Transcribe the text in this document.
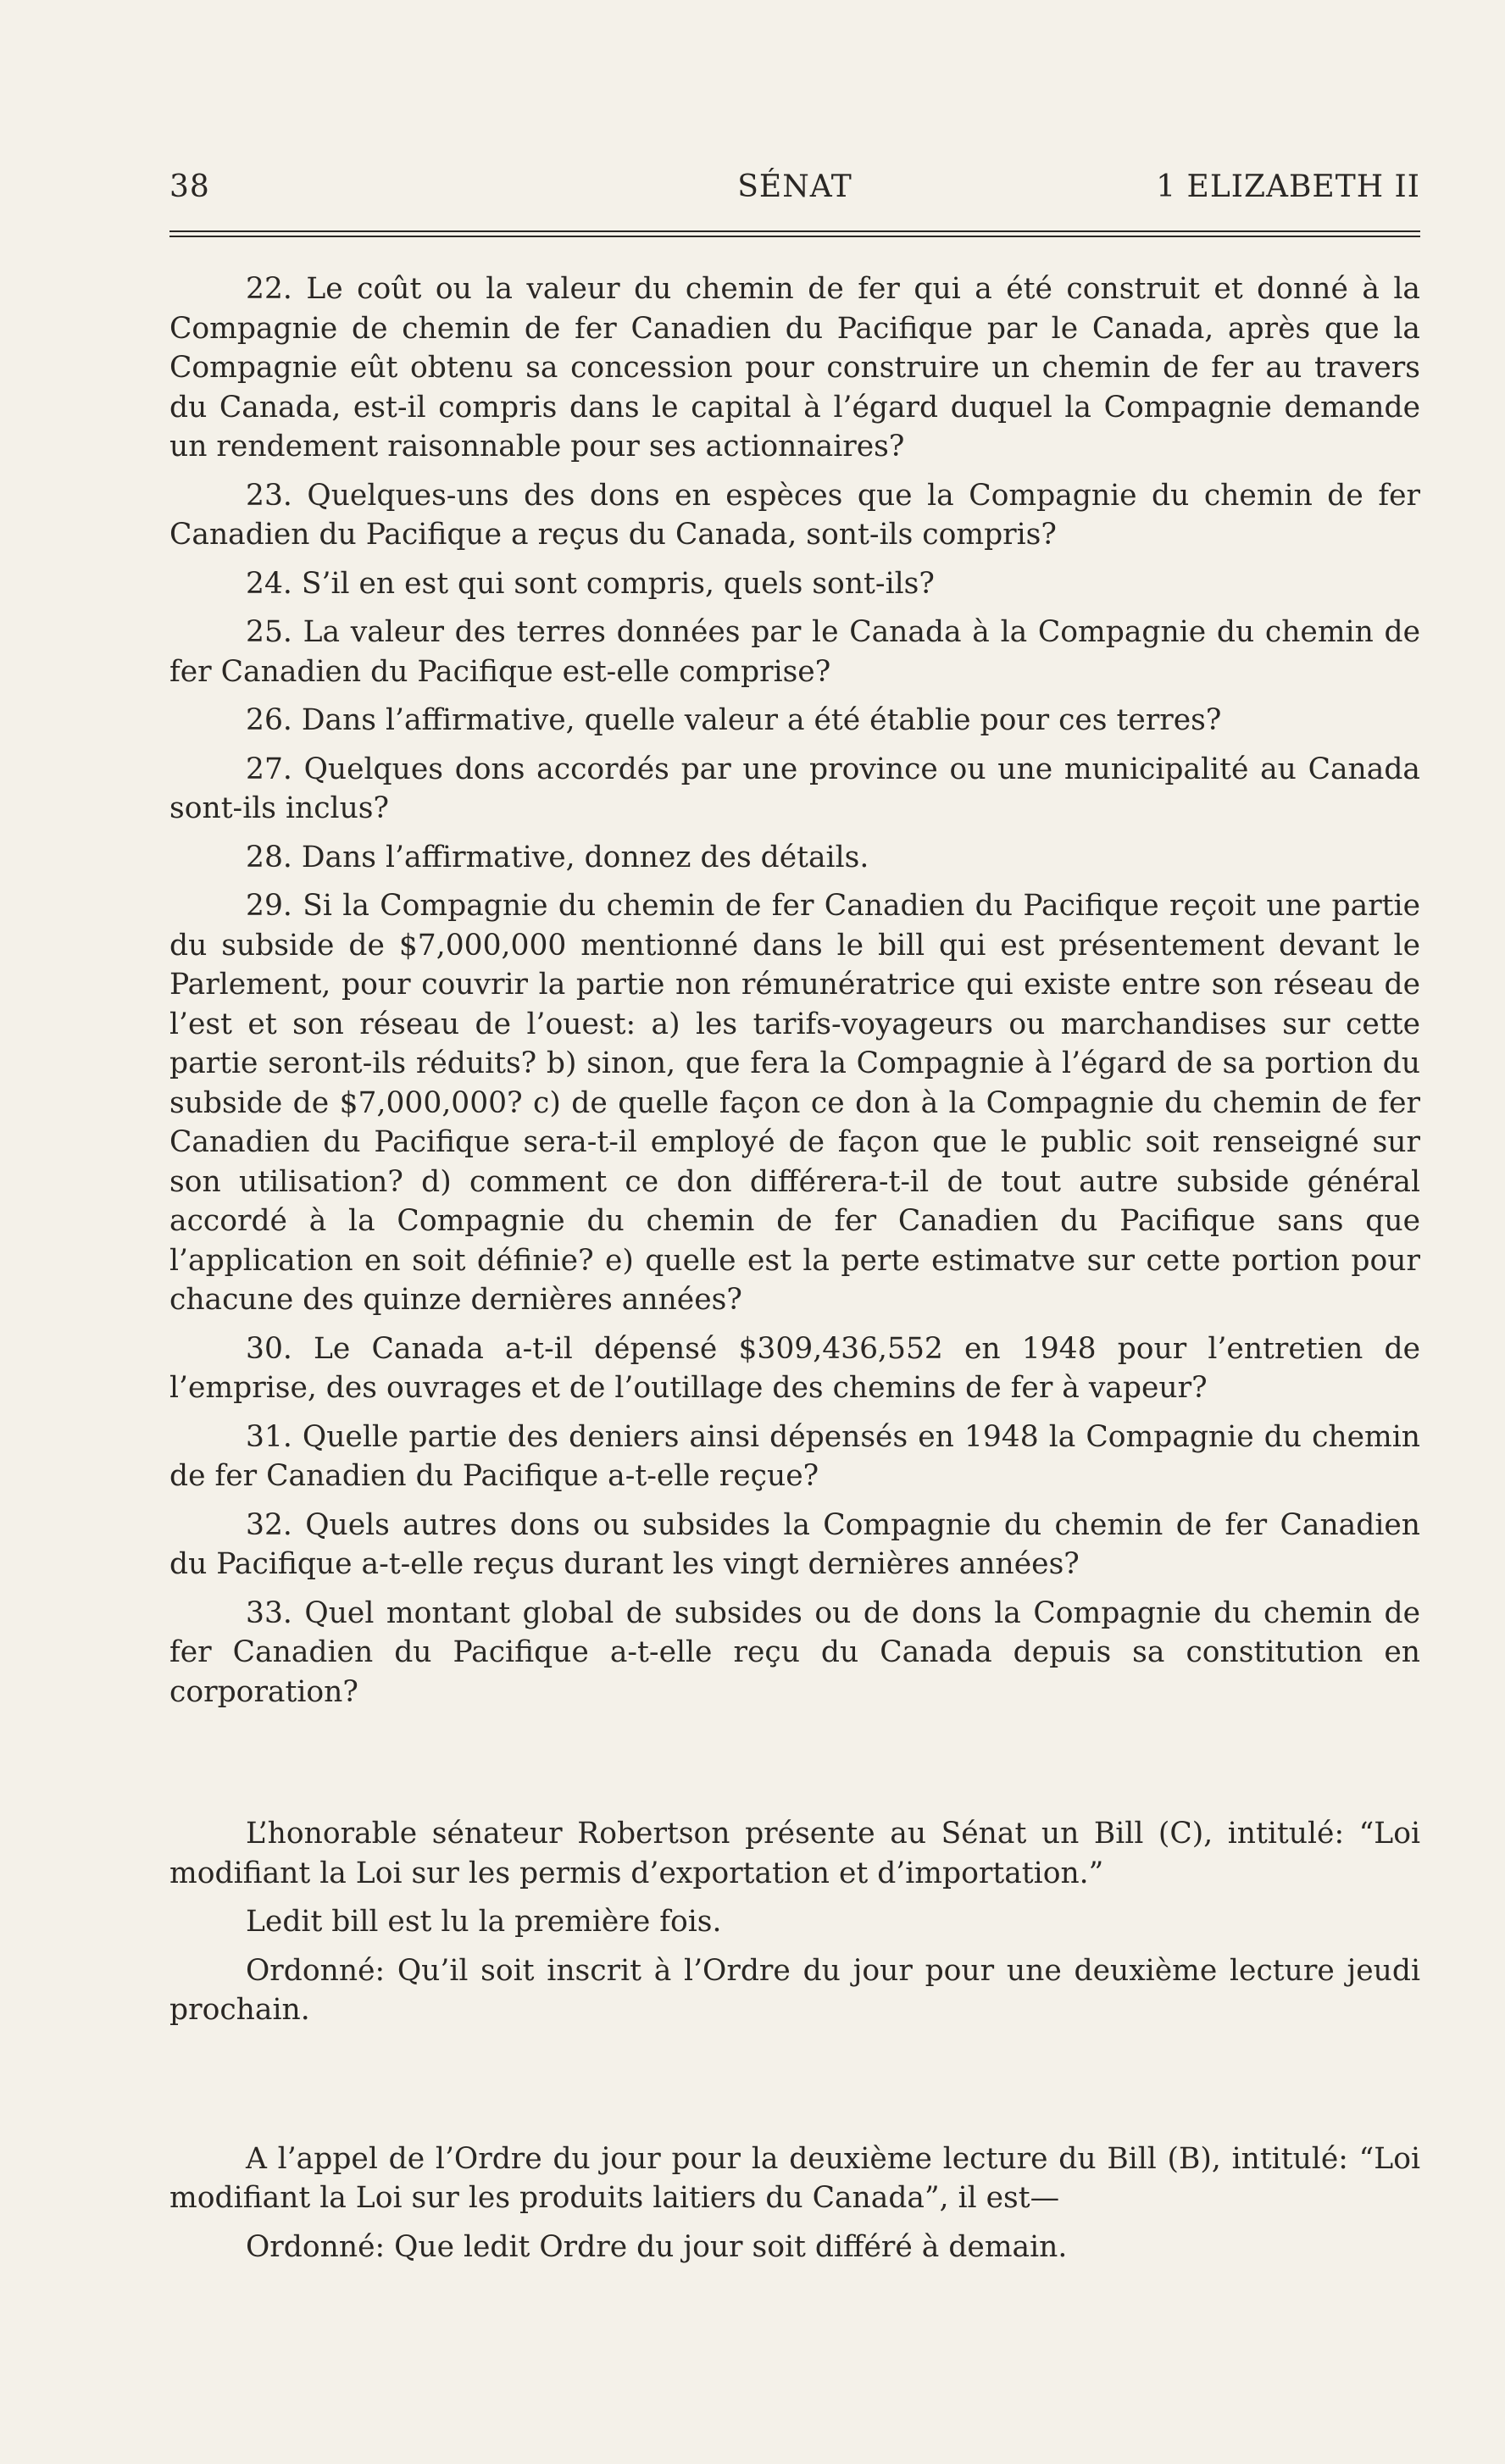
38	SÉNAT	1 ELIZABETH II

22. Le coût ou la valeur du chemin de fer qui a été construit et donné à la Compagnie de chemin de fer Canadien du Pacifique par le Canada, après que la Compagnie eût obtenu sa concession pour construire un chemin de fer au travers du Canada, est-il compris dans le capital à l’égard duquel la Compagnie demande un rendement raisonnable pour ses actionnaires?

23. Quelques-uns des dons en espèces que la Compagnie du chemin de fer Canadien du Pacifique a reçus du Canada, sont-ils compris?

24. S’il en est qui sont compris, quels sont-ils?

25. La valeur des terres données par le Canada à la Compagnie du chemin de fer Canadien du Pacifique est-elle comprise?

26. Dans l’affirmative, quelle valeur a été établie pour ces terres?

27. Quelques dons accordés par une province ou une municipalité au Canada sont-ils inclus?

28. Dans l’affirmative, donnez des détails.

29. Si la Compagnie du chemin de fer Canadien du Pacifique reçoit une partie du subside de $7,000,000 mentionné dans le bill qui est présentement devant le Parlement, pour couvrir la partie non rémunératrice qui existe entre son réseau de l’est et son réseau de l’ouest: a) les tarifs-voyageurs ou marchandises sur cette partie seront-ils réduits? b) sinon, que fera la Compagnie à l’égard de sa portion du subside de $7,000,000? c) de quelle façon ce don à la Compagnie du chemin de fer Canadien du Pacifique sera-t-il employé de façon que le public soit renseigné sur son utilisation? d) comment ce don différera-t-il de tout autre subside général accordé à la Compagnie du chemin de fer Canadien du Pacifique sans que l’application en soit définie? e) quelle est la perte estimatve sur cette portion pour chacune des quinze dernières années?

30. Le Canada a-t-il dépensé $309,436,552 en 1948 pour l’entretien de l’emprise, des ouvrages et de l’outillage des chemins de fer à vapeur?

31. Quelle partie des deniers ainsi dépensés en 1948 la Compagnie du chemin de fer Canadien du Pacifique a-t-elle reçue?

32. Quels autres dons ou subsides la Compagnie du chemin de fer Canadien du Pacifique a-t-elle reçus durant les vingt dernières années?

33. Quel montant global de subsides ou de dons la Compagnie du chemin de fer Canadien du Pacifique a-t-elle reçu du Canada depuis sa constitution en corporation?

L’honorable sénateur Robertson présente au Sénat un Bill (C), intitulé: “Loi modifiant la Loi sur les permis d’exportation et d’importation.”

Ledit bill est lu la première fois.

Ordonné: Qu’il soit inscrit à l’Ordre du jour pour une deuxième lecture jeudi prochain.

A l’appel de l’Ordre du jour pour la deuxième lecture du Bill (B), intitulé: “Loi modifiant la Loi sur les produits laitiers du Canada”, il est—

Ordonné: Que ledit Ordre du jour soit différé à demain.
